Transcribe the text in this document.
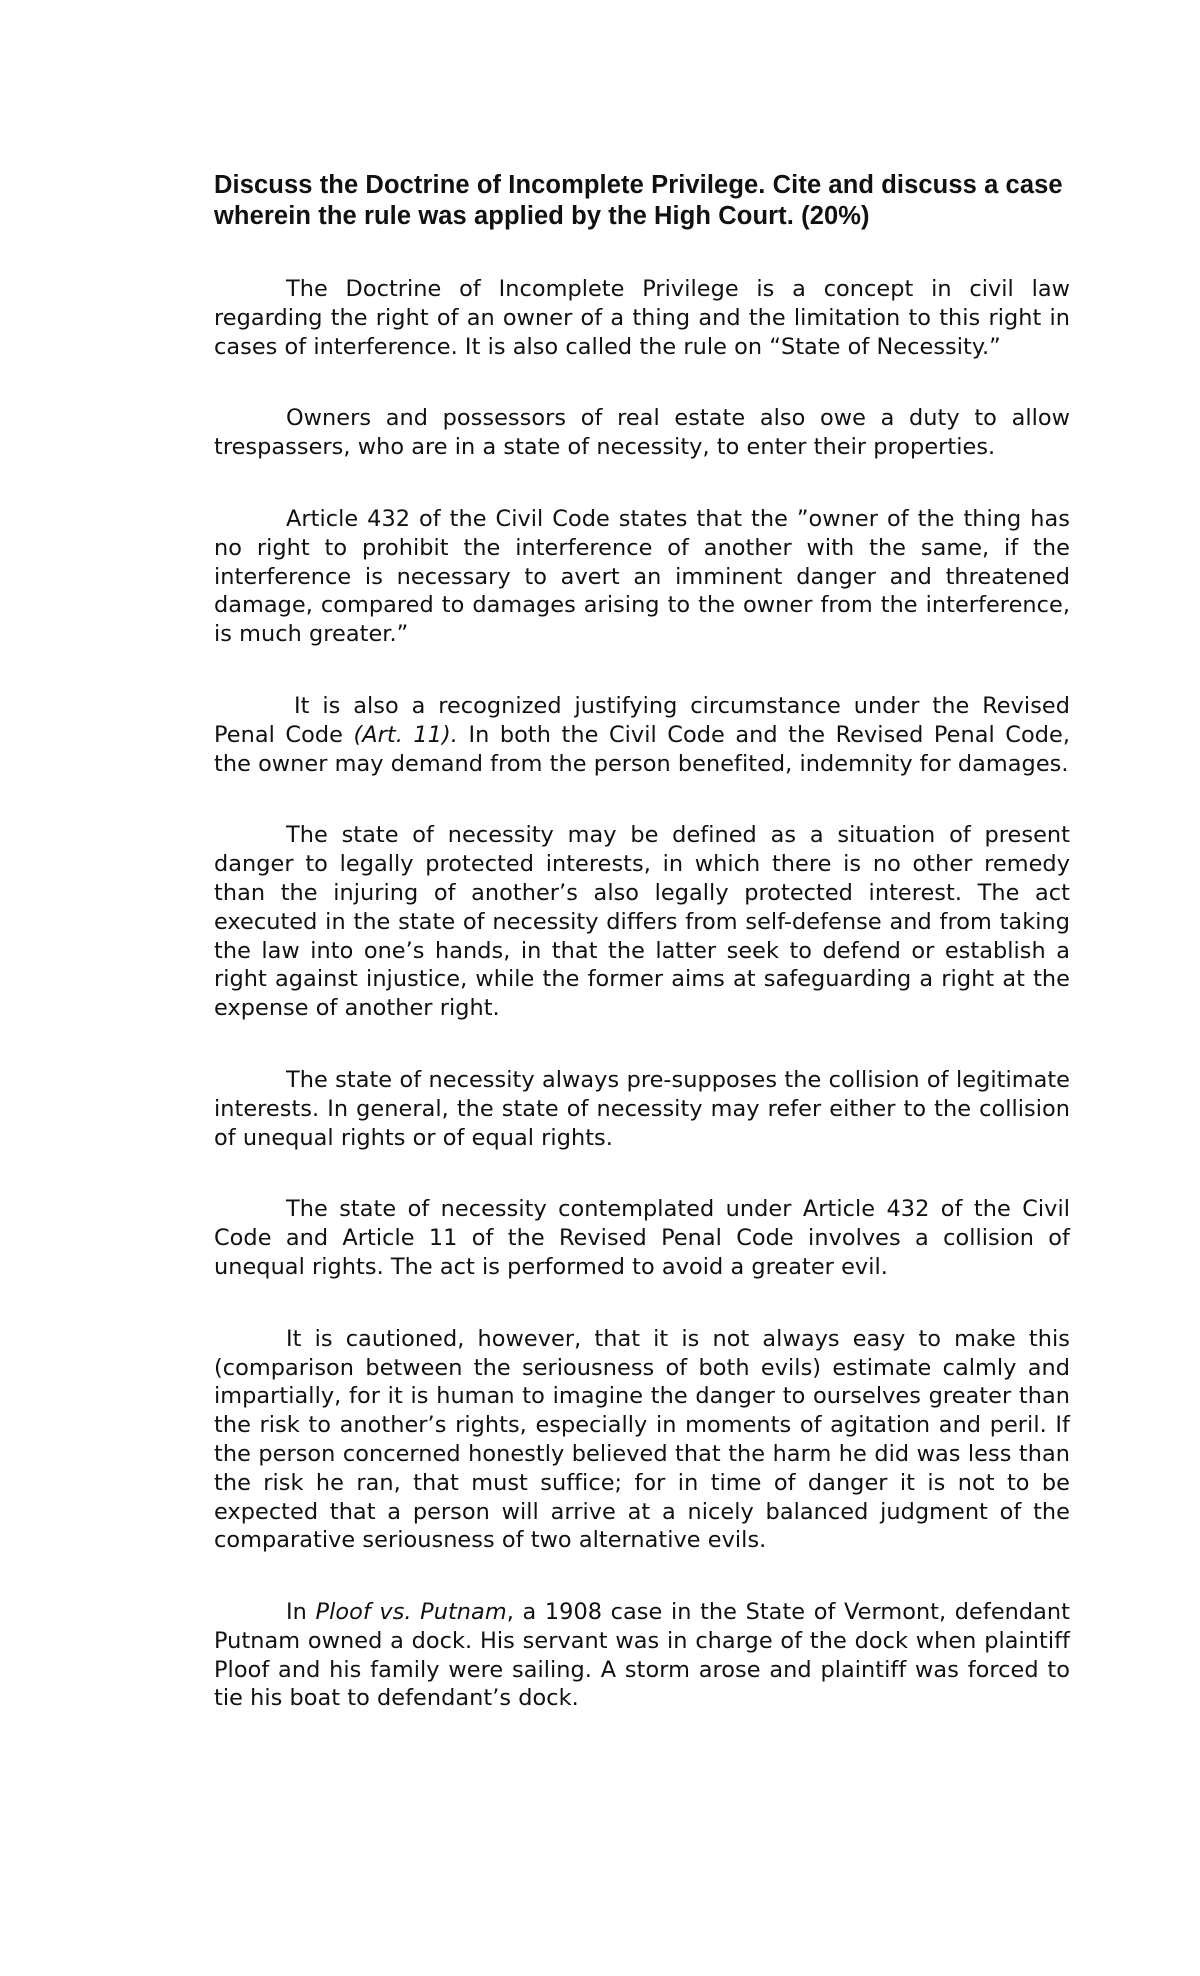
Discuss the Doctrine of Incomplete Privilege. Cite and discuss a case wherein the rule was applied by the High Court. (20%)

The Doctrine of Incomplete Privilege is a concept in civil law regarding the right of an owner of a thing and the limitation to this right in cases of interference. It is also called the rule on “State of Necessity.”

Owners and possessors of real estate also owe a duty to allow trespassers, who are in a state of necessity, to enter their properties.

Article 432 of the Civil Code states that the ”owner of the thing has no right to prohibit the interference of another with the same, if the interference is necessary to avert an imminent danger and threatened damage, compared to damages arising to the owner from the interference, is much greater.”

It is also a recognized justifying circumstance under the Revised Penal Code (Art. 11). In both the Civil Code and the Revised Penal Code, the owner may demand from the person benefited, indemnity for damages.

The state of necessity may be defined as a situation of present danger to legally protected interests, in which there is no other remedy than the injuring of another’s also legally protected interest. The act executed in the state of necessity differs from self-defense and from taking the law into one’s hands, in that the latter seek to defend or establish a right against injustice, while the former aims at safeguarding a right at the expense of another right.

The state of necessity always pre-supposes the collision of legitimate interests. In general, the state of necessity may refer either to the collision of unequal rights or of equal rights.

The state of necessity contemplated under Article 432 of the Civil Code and Article 11 of the Revised Penal Code involves a collision of unequal rights. The act is performed to avoid a greater evil.

It is cautioned, however, that it is not always easy to make this (comparison between the seriousness of both evils) estimate calmly and impartially, for it is human to imagine the danger to ourselves greater than the risk to another’s rights, especially in moments of agitation and peril. If the person concerned honestly believed that the harm he did was less than the risk he ran, that must suffice; for in time of danger it is not to be expected that a person will arrive at a nicely balanced judgment of the comparative seriousness of two alternative evils.

In Ploof vs. Putnam, a 1908 case in the State of Vermont, defendant Putnam owned a dock. His servant was in charge of the dock when plaintiff Ploof and his family were sailing. A storm arose and plaintiff was forced to tie his boat to defendant’s dock.
